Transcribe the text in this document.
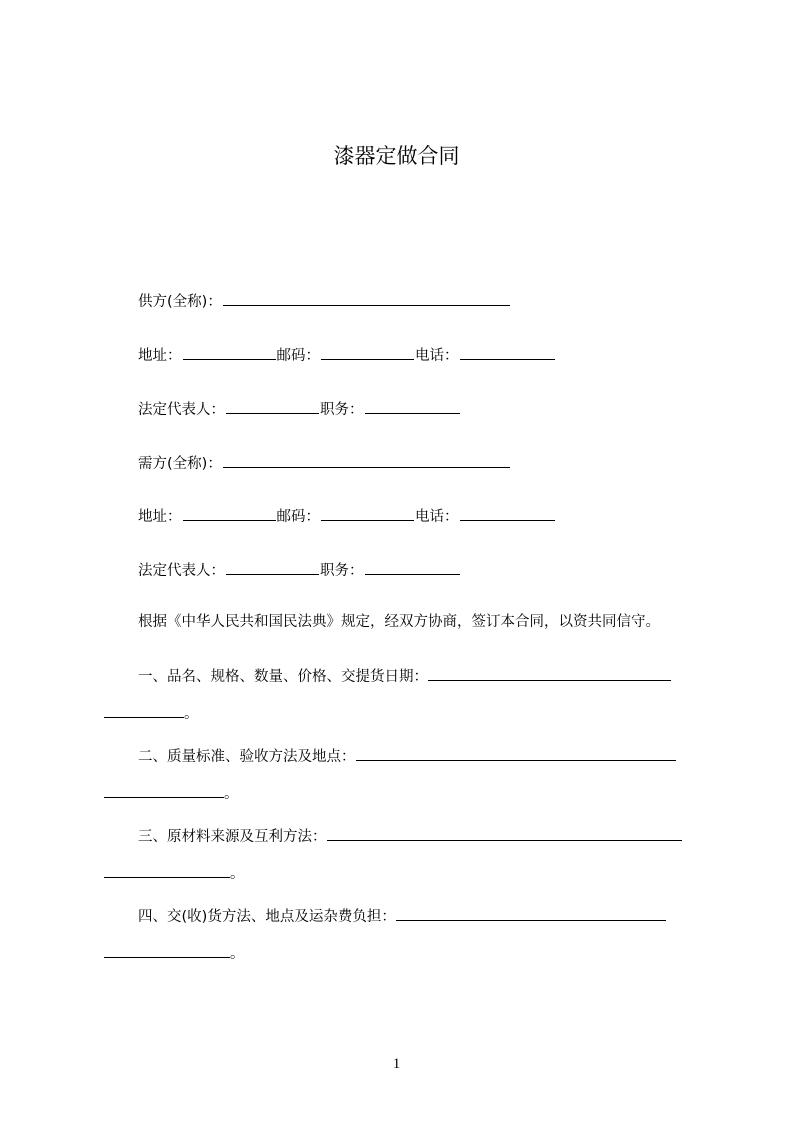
漆器定做合同
供方(全称)：
地址：	邮码：	电话：
法定代表人：	职务：
需方(全称)：
地址：	邮码：	电话：
法定代表人：	职务：
根据《中华人民共和国民法典》规定，经双方协商，签订本合同，以资共同信守。
一、品名、规格、数量、价格、交提货日期：
。
二、质量标准、验收方法及地点：
。
三、原材料来源及互利方法：
。
四、交(收)货方法、地点及运杂费负担：
。
1
